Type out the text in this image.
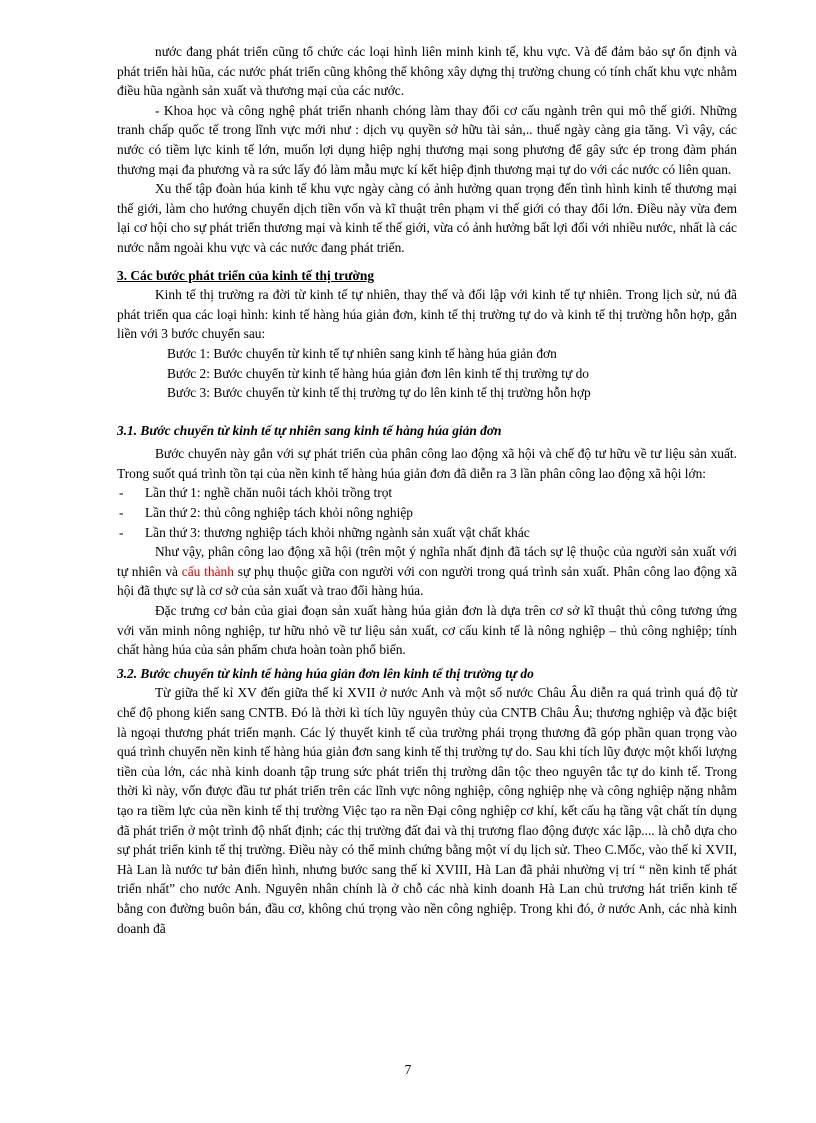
nước đang phát triển cũng tổ chức các loại hình liên minh kinh tế, khu vực. Và để đảm bảo sự ổn định và phát triển hài hũa, các nước phát triển cũng không thể không xây dựng thị trường chung có tính chất khu vực nhằm điều hũa ngành sản xuất và thương mại của các nước.

- Khoa học và công nghệ phát triển nhanh chóng làm thay đổi cơ cấu ngành trên qui mô thế giới. Những tranh chấp quốc tế trong lĩnh vực mới như : dịch vụ quyền sở hữu tài sản,.. thuế ngày càng gia tăng. Vì vậy, các nước có tiềm lực kinh tế lớn, muốn lợi dụng hiệp nghị thương mại song phương để gây sức ép trong đàm phán thương mại đa phương và ra sức lấy đó làm mẫu mực kí kết hiệp định thương mại tự do với các nước có liên quan.

Xu thế tập đoàn húa kinh tế khu vực ngày càng có ảnh hưởng quan trọng đến tình hình kinh tế thương mại thế giới, làm cho hướng chuyển dịch tiền vốn và kĩ thuật trên phạm vi thế giới có thay đổi lớn. Điều này vừa đem lại cơ hội cho sự phát triển thương mại và kinh tế thế giới, vừa có ảnh hưởng bất lợi đối với nhiều nước, nhất là các nước nằm ngoài khu vực và các nước đang phát triển.

3. Các bước phát triển của kinh tế thị trường

Kinh tế thị trường ra đời từ kinh tế tự nhiên, thay thế và đối lập với kinh tế tự nhiên. Trong lịch sử, nú đã phát triển qua các loại hình: kinh tế hàng húa giản đơn, kinh tế thị trường tự do và kinh tế thị trường hỗn hợp, gắn liền với 3 bước chuyển sau:

Bước 1: Bước chuyển từ kinh tế tự nhiên sang kinh tế hàng húa giản đơn

Bước 2: Bước chuyển từ kinh tế hàng húa giản đơn lên kinh tế thị trường tự do

Bước 3: Bước chuyển từ kinh tế thị trường tự do lên kinh tế thị trường hỗn hợp

3.1. Bước chuyển từ kinh tế tự nhiên sang kinh tế hàng húa giản đơn

Bước chuyển này gắn với sự phát triển của phân công lao động xã hội và chế độ tư hữu về tư liệu sản xuất. Trong suốt quá trình tồn tại của nền kinh tế hàng húa giản đơn đã diễn ra 3 lần phân công lao động xã hội lớn:

-	Lần thứ 1: nghề chăn nuôi tách khỏi trồng trọt
-	Lần thứ 2: thủ công nghiệp tách khỏi nông nghiệp
-	Lần thứ 3: thương nghiệp tách khỏi những ngành sản xuất vật chất khác

Như vậy, phân công lao động xã hội (trên một ý nghĩa nhất định đã tách sự lệ thuộc của người sản xuất với tự nhiên và cấu thành sự phụ thuộc giữa con người với con người trong quá trình sản xuất. Phân công lao động xã hội đã thực sự là cơ sở của sản xuất và trao đổi hàng húa.

Đặc trưng cơ bản của giai đoạn sản xuất hàng húa giản đơn là dựa trên cơ sở kĩ thuật thủ công tương ứng với văn minh nông nghiệp, tư hữu nhỏ về tư liệu sản xuất, cơ cấu kinh tế là nông nghiệp – thủ công nghiệp; tính chất hàng húa của sản phẩm chưa hoàn toàn phổ biến.

3.2. Bước chuyển từ kinh tế hàng húa giản đơn lên kinh tế thị trường tự do

Từ giữa thế kỉ XV đến giữa thế kỉ XVII ở nước Anh và một số nước Châu Âu diễn ra quá trình quá độ từ chế độ phong kiến sang CNTB. Đó là thời kì tích lũy nguyên thủy của CNTB Châu Âu; thương nghiệp và đặc biệt là ngoại thương phát triển mạnh. Các lý thuyết kinh tế của trường phái trọng thương đã góp phần quan trọng vào quá trình chuyển nền kinh tế hàng húa giản đơn sang kinh tế thị trường tự do. Sau khi tích lũy được một khối lượng tiền của lớn, các nhà kinh doanh tập trung sức phát triển thị trường dân tộc theo nguyên tắc tự do kinh tế. Trong thời kì này, vốn được đầu tư phát triển trên các lĩnh vực nông nghiệp, công nghiệp nhẹ và công nghiệp nặng nhằm tạo ra tiềm lực của nền kinh tế thị trường Việc tạo ra nền Đại công nghiệp cơ khí, kết cấu hạ tầng vật chất tín dụng đã phát triển ở một trình độ nhất định; các thị trường đất đai và thị trương flao động được xác lập.... là chỗ dựa cho sự phát triển kinh tế thị trường. Điều này có thể minh chứng bằng một ví dụ lịch sử. Theo C.Mốc, vào thế kỉ XVII, Hà Lan là nước tư bản điển hình, nhưng bước sang thế kỉ XVIII, Hà Lan đã phải nhường vị trí “ nền kinh tế phát triển nhất” cho nước Anh. Nguyên nhân chính là ở chỗ các nhà kinh doanh Hà Lan chủ trương hát triển kinh tế bằng con đường buôn bán, đầu cơ, không chú trọng vào nền công nghiệp. Trong khi đó, ở nước Anh, các nhà kinh doanh đã

7
